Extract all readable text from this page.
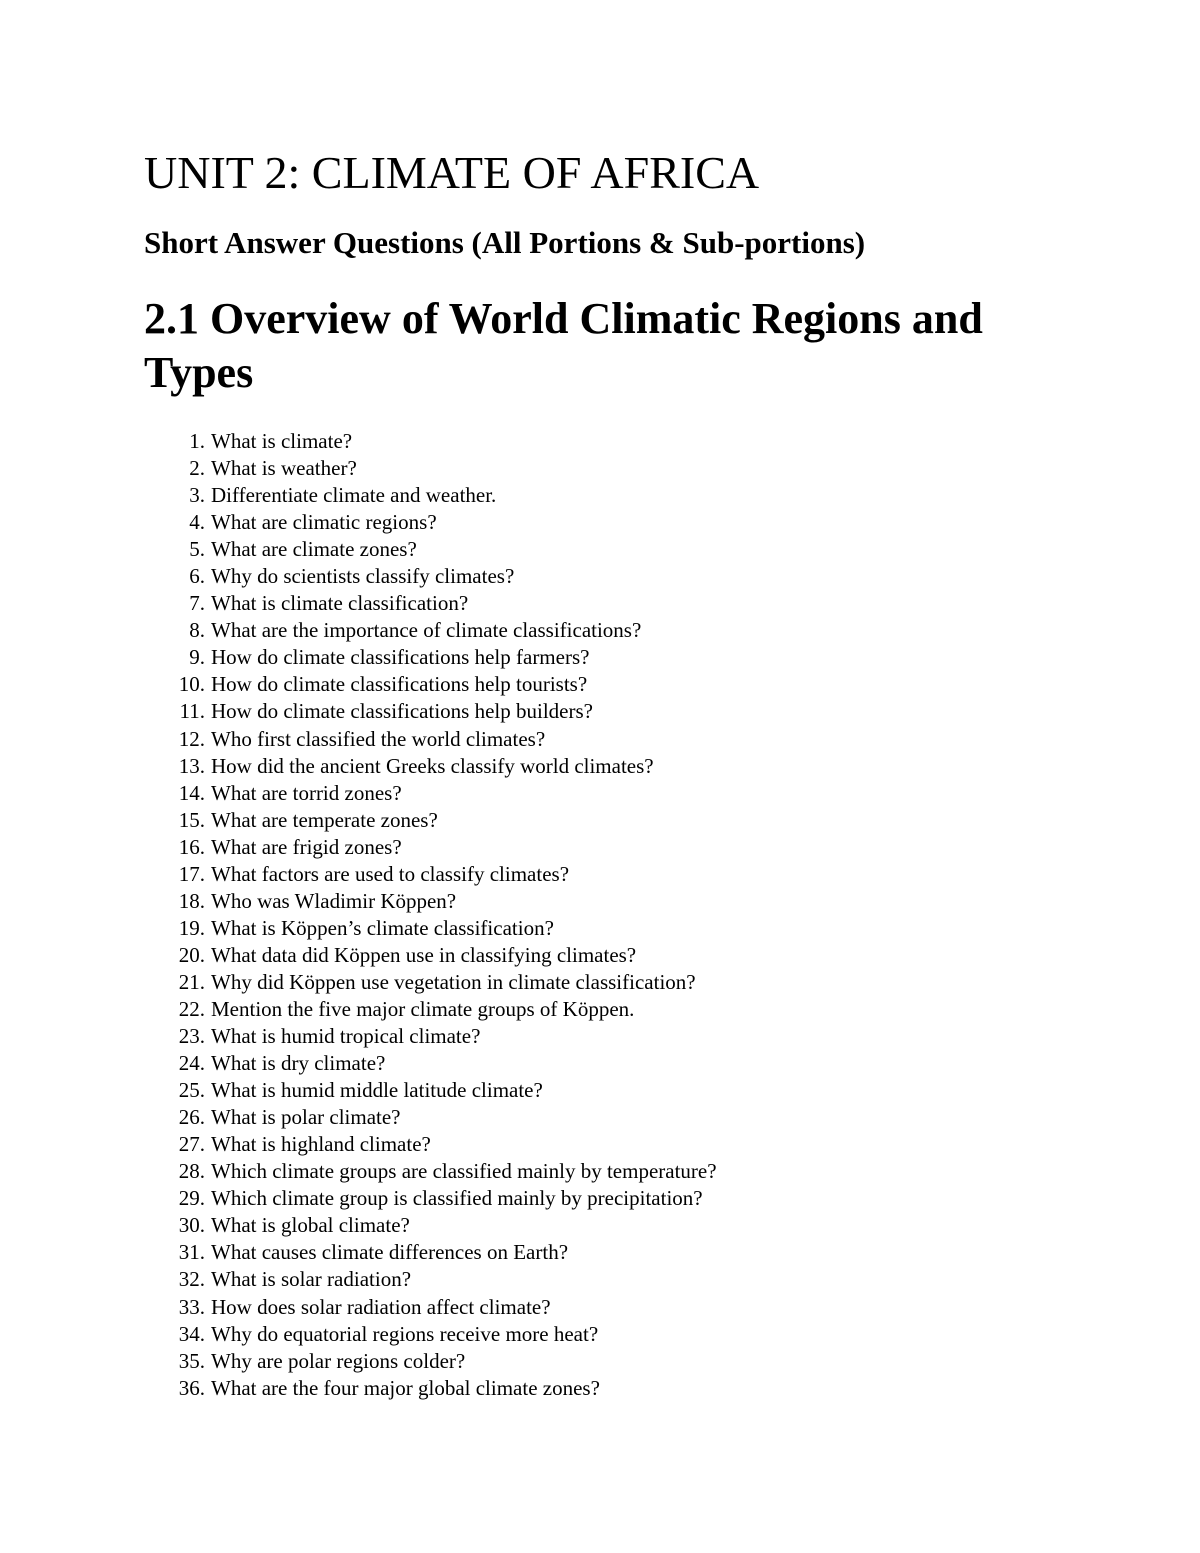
UNIT 2: CLIMATE OF AFRICA
Short Answer Questions (All Portions & Sub-portions)
2.1 Overview of World Climatic Regions and Types
1. What is climate?
2. What is weather?
3. Differentiate climate and weather.
4. What are climatic regions?
5. What are climate zones?
6. Why do scientists classify climates?
7. What is climate classification?
8. What are the importance of climate classifications?
9. How do climate classifications help farmers?
10. How do climate classifications help tourists?
11. How do climate classifications help builders?
12. Who first classified the world climates?
13. How did the ancient Greeks classify world climates?
14. What are torrid zones?
15. What are temperate zones?
16. What are frigid zones?
17. What factors are used to classify climates?
18. Who was Wladimir Köppen?
19. What is Köppen’s climate classification?
20. What data did Köppen use in classifying climates?
21. Why did Köppen use vegetation in climate classification?
22. Mention the five major climate groups of Köppen.
23. What is humid tropical climate?
24. What is dry climate?
25. What is humid middle latitude climate?
26. What is polar climate?
27. What is highland climate?
28. Which climate groups are classified mainly by temperature?
29. Which climate group is classified mainly by precipitation?
30. What is global climate?
31. What causes climate differences on Earth?
32. What is solar radiation?
33. How does solar radiation affect climate?
34. Why do equatorial regions receive more heat?
35. Why are polar regions colder?
36. What are the four major global climate zones?
